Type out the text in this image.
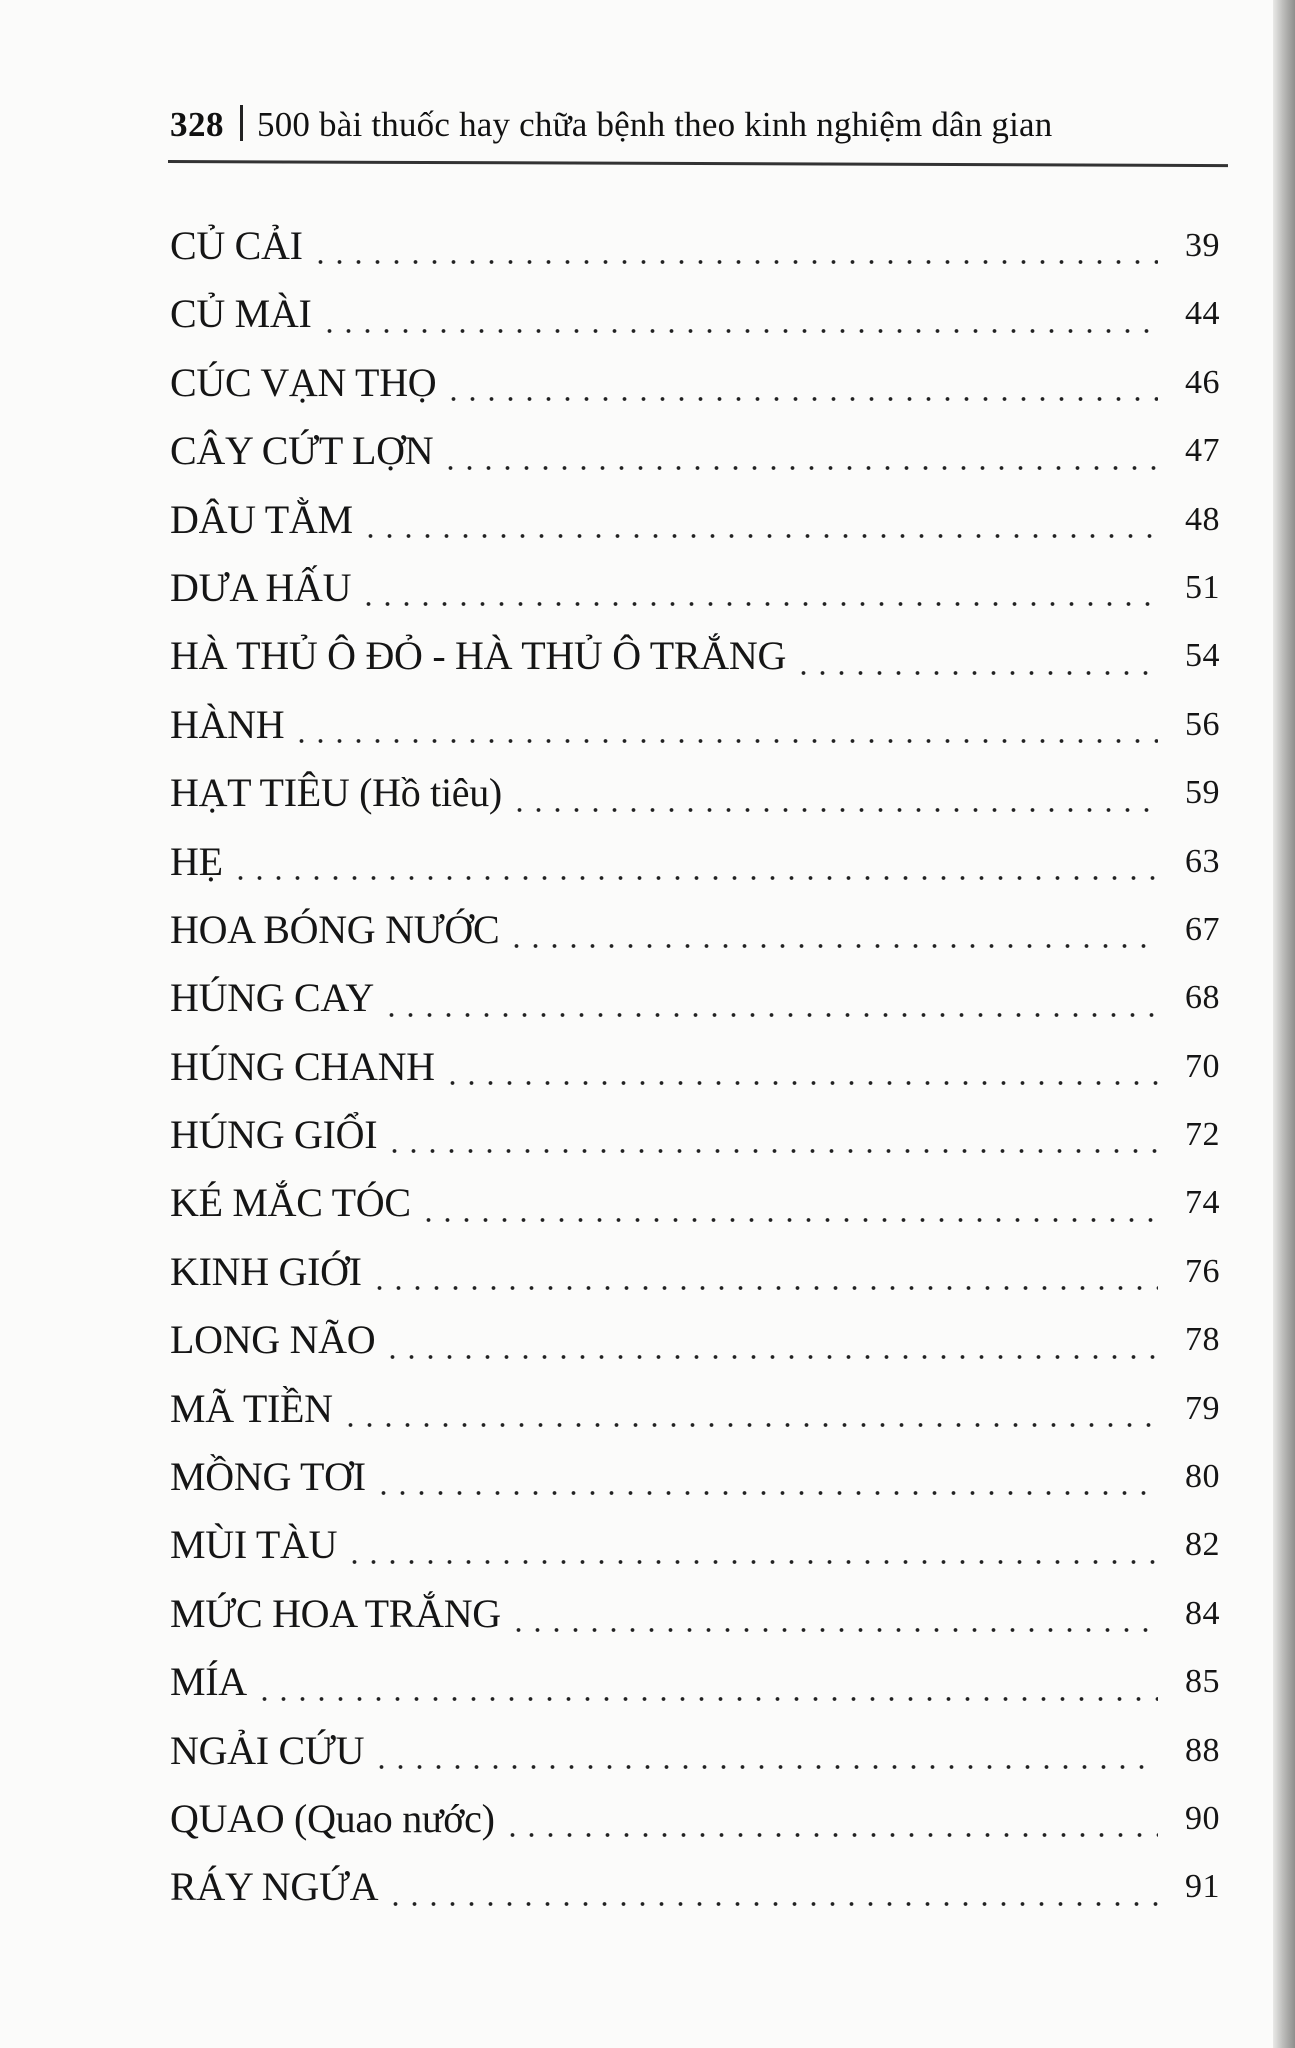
328 500 bài thuốc hay chữa bệnh theo kinh nghiệm dân gian
CỦ CẢI	39
CỦ MÀI	44
CÚC VẠN THỌ	46
CÂY CỨT LỢN	47
DÂU TẰM	48
DƯA HẤU	51
HÀ THỦ Ô ĐỎ - HÀ THỦ Ô TRẮNG	54
HÀNH	56
HẠT TIÊU (Hồ tiêu)	59
HẸ	63
HOA BÓNG NƯỚC	67
HÚNG CAY	68
HÚNG CHANH	70
HÚNG GIỔI	72
KÉ MẮC TÓC	74
KINH GIỚI	76
LONG NÃO	78
MÃ TIỀN	79
MỒNG TƠI	80
MÙI TÀU	82
MỨC HOA TRẮNG	84
MÍA	85
NGẢI CỨU	88
QUAO (Quao nước)	90
RÁY NGỨA	91
